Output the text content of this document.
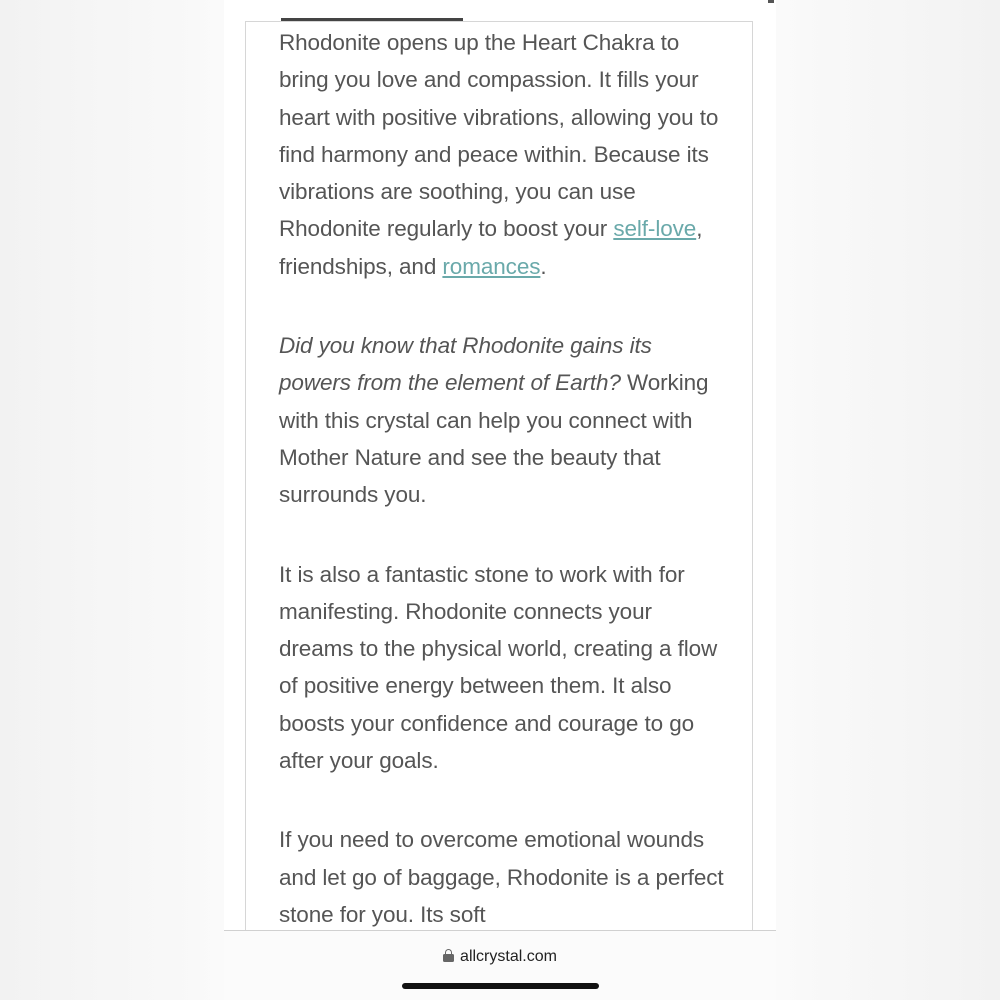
Rhodonite opens up the Heart Chakra to bring you love and compassion. It fills your heart with positive vibrations, allowing you to find harmony and peace within. Because its vibrations are soothing, you can use Rhodonite regularly to boost your self-love, friendships, and romances.

Did you know that Rhodonite gains its powers from the element of Earth? Working with this crystal can help you connect with Mother Nature and see the beauty that surrounds you.

It is also a fantastic stone to work with for manifesting. Rhodonite connects your dreams to the physical world, creating a flow of positive energy between them. It also boosts your confidence and courage to go after your goals.

If you need to overcome emotional wounds and let go of baggage, Rhodonite is a perfect stone for you. Its soft

allcrystal.com
